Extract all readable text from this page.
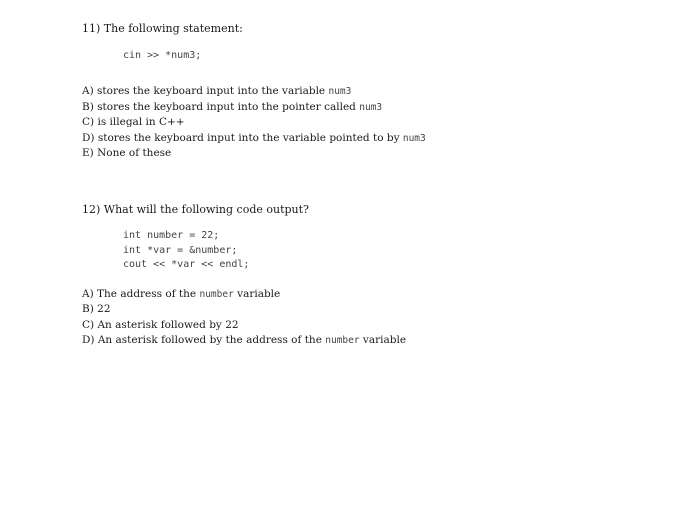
11) The following statement:

cin >> *num3;

A) stores the keyboard input into the variable num3

B) stores the keyboard input into the pointer called num3

C) is illegal in C++

D) stores the keyboard input into the variable pointed to by num3

E) None of these

12) What will the following code output?

int number = 22;
int *var = &number;
cout << *var << endl;

A) The address of the number variable

B) 22

C) An asterisk followed by 22

D) An asterisk followed by the address of the number variable
